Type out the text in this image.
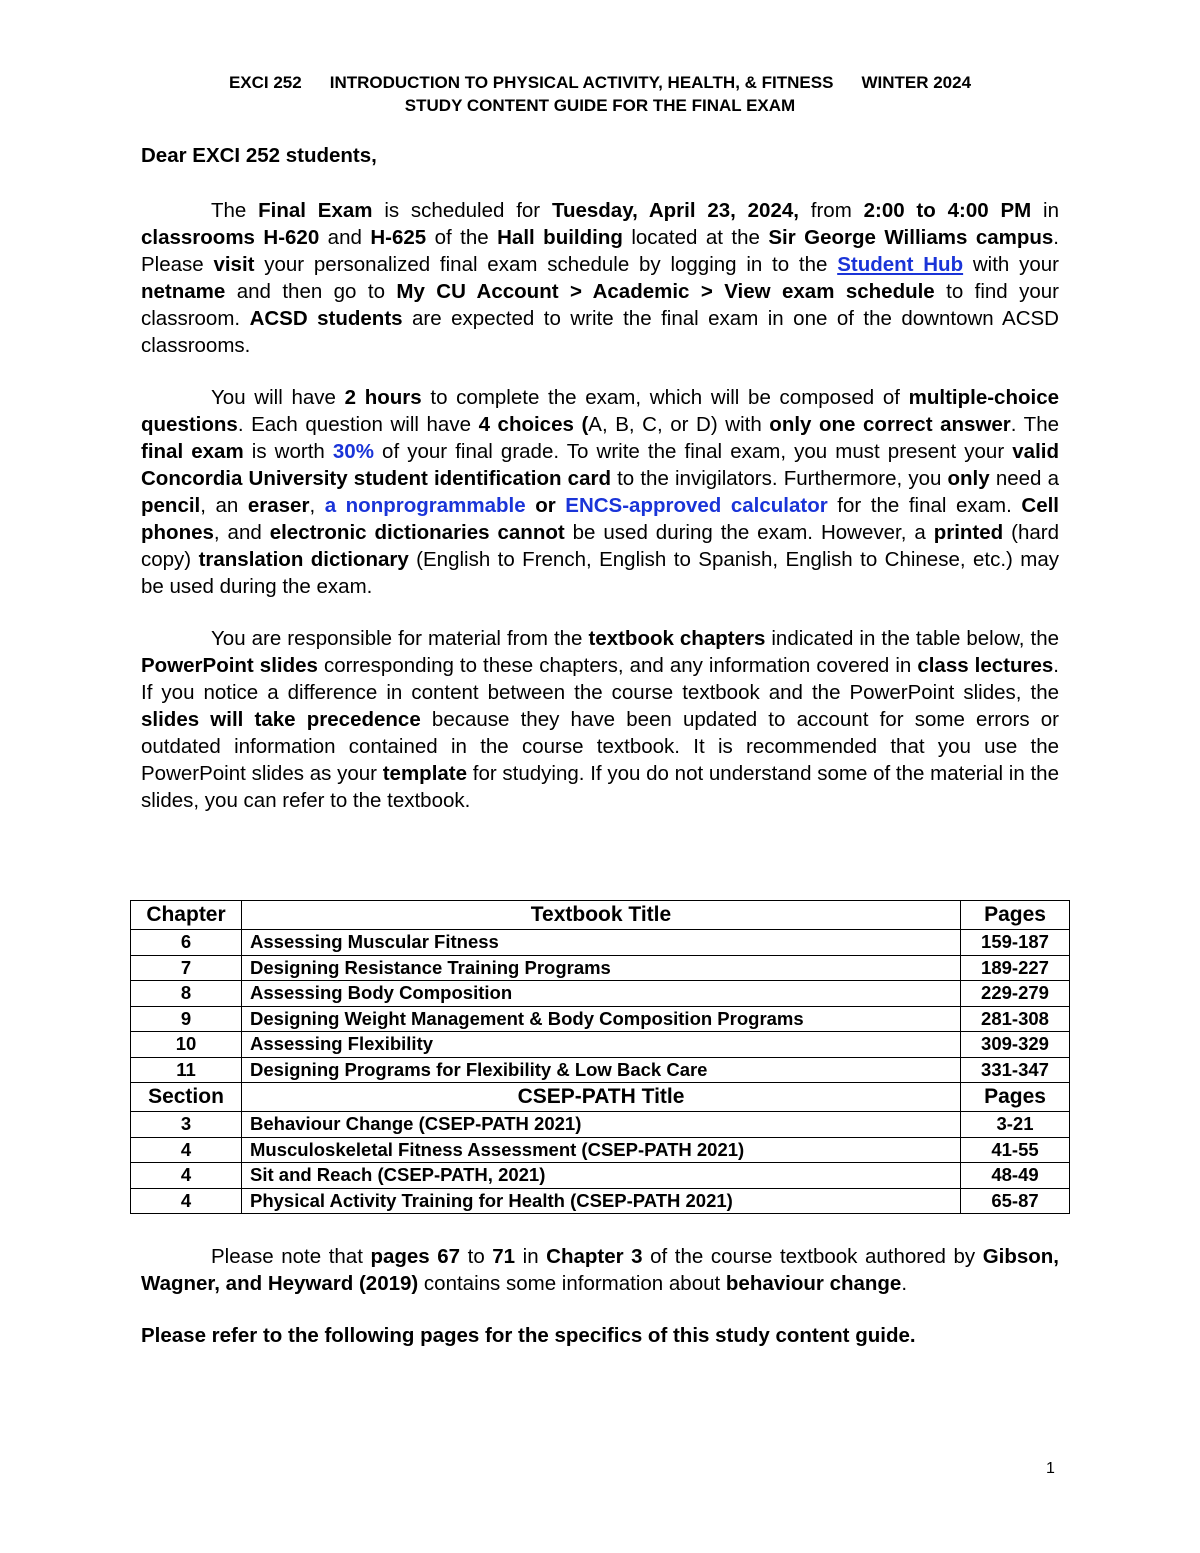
EXCI 252 INTRODUCTION TO PHYSICAL ACTIVITY, HEALTH, & FITNESS WINTER 2024
STUDY CONTENT GUIDE FOR THE FINAL EXAM
Dear EXCI 252 students,

The Final Exam is scheduled for Tuesday, April 23, 2024, from 2:00 to 4:00 PM in classrooms H-620 and H-625 of the Hall building located at the Sir George Williams campus. Please visit your personalized final exam schedule by logging in to the Student Hub with your netname and then go to My CU Account > Academic > View exam schedule to find your classroom. ACSD students are expected to write the final exam in one of the downtown ACSD classrooms.

You will have 2 hours to complete the exam, which will be composed of multiple-choice questions. Each question will have 4 choices (A, B, C, or D) with only one correct answer. The final exam is worth 30% of your final grade. To write the final exam, you must present your valid Concordia University student identification card to the invigilators. Furthermore, you only need a pencil, an eraser, a nonprogrammable or ENCS-approved calculator for the final exam. Cell phones, and electronic dictionaries cannot be used during the exam. However, a printed (hard copy) translation dictionary (English to French, English to Spanish, English to Chinese, etc.) may be used during the exam.

You are responsible for material from the textbook chapters indicated in the table below, the PowerPoint slides corresponding to these chapters, and any information covered in class lectures. If you notice a difference in content between the course textbook and the PowerPoint slides, the slides will take precedence because they have been updated to account for some errors or outdated information contained in the course textbook. It is recommended that you use the PowerPoint slides as your template for studying. If you do not understand some of the material in the slides, you can refer to the textbook.

Chapter	Textbook Title	Pages
6	Assessing Muscular Fitness	159-187
7	Designing Resistance Training Programs	189-227
8	Assessing Body Composition	229-279
9	Designing Weight Management & Body Composition Programs	281-308
10	Assessing Flexibility	309-329
11	Designing Programs for Flexibility & Low Back Care	331-347
Section	CSEP-PATH Title	Pages
3	Behaviour Change (CSEP-PATH 2021)	3-21
4	Musculoskeletal Fitness Assessment (CSEP-PATH 2021)	41-55
4	Sit and Reach (CSEP-PATH, 2021)	48-49
4	Physical Activity Training for Health (CSEP-PATH 2021)	65-87

Please note that pages 67 to 71 in Chapter 3 of the course textbook authored by Gibson, Wagner, and Heyward (2019) contains some information about behaviour change.

Please refer to the following pages for the specifics of this study content guide.
1
